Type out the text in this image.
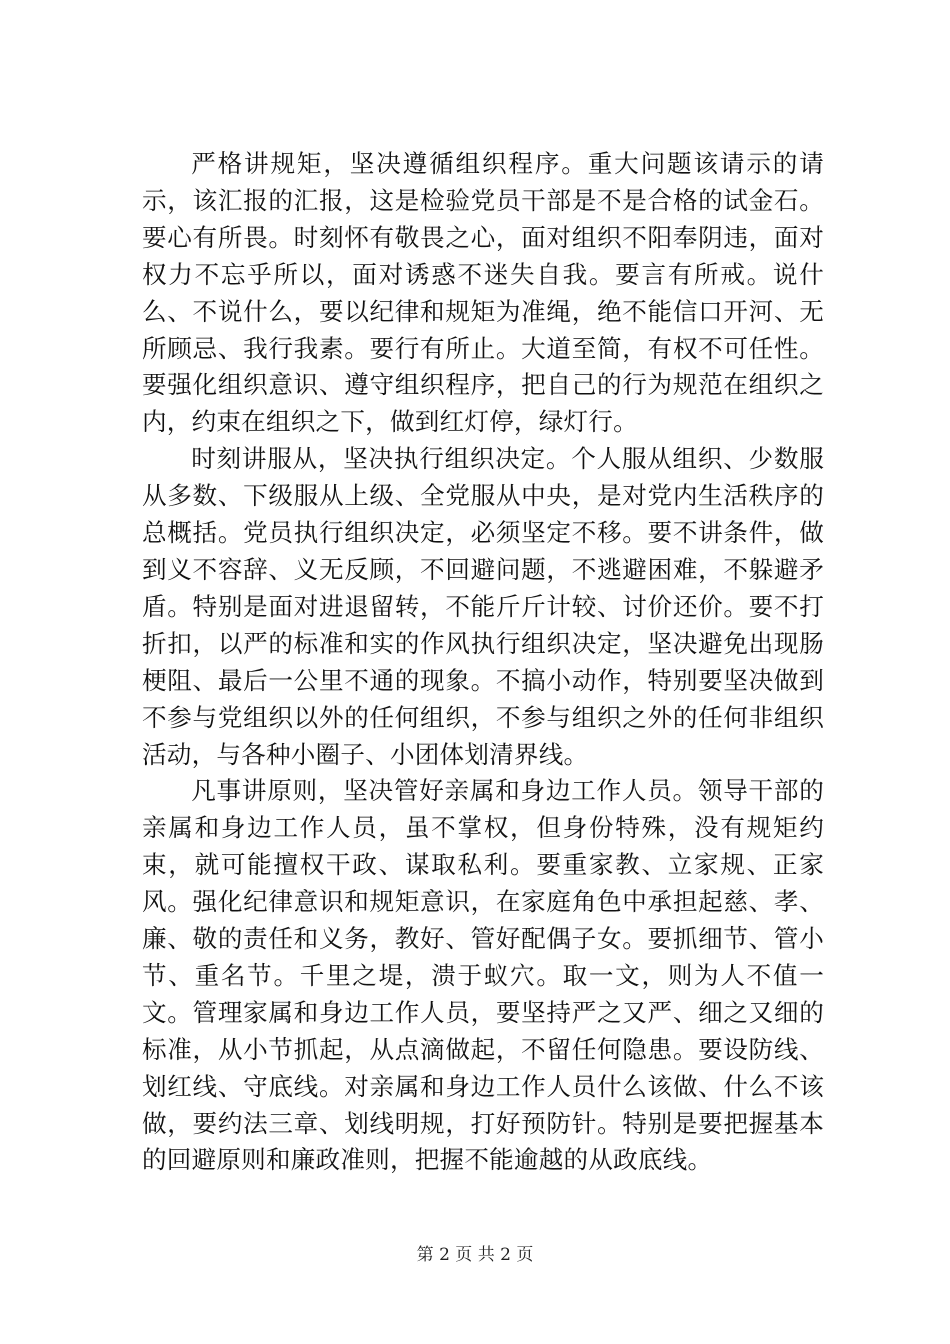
严格讲规矩，坚决遵循组织程序。重大问题该请示的请示，该汇报的汇报，这是检验党员干部是不是合格的试金石。要心有所畏。时刻怀有敬畏之心，面对组织不阳奉阴违，面对权力不忘乎所以，面对诱惑不迷失自我。要言有所戒。说什么、不说什么，要以纪律和规矩为准绳，绝不能信口开河、无所顾忌、我行我素。要行有所止。大道至简，有权不可任性。要强化组织意识、遵守组织程序，把自己的行为规范在组织之内，约束在组织之下，做到红灯停，绿灯行。

时刻讲服从，坚决执行组织决定。个人服从组织、少数服从多数、下级服从上级、全党服从中央，是对党内生活秩序的总概括。党员执行组织决定，必须坚定不移。要不讲条件，做到义不容辞、义无反顾，不回避问题，不逃避困难，不躲避矛盾。特别是面对进退留转，不能斤斤计较、讨价还价。要不打折扣，以严的标准和实的作风执行组织决定，坚决避免出现肠梗阻、最后一公里不通的现象。不搞小动作，特别要坚决做到不参与党组织以外的任何组织，不参与组织之外的任何非组织活动，与各种小圈子、小团体划清界线。

凡事讲原则，坚决管好亲属和身边工作人员。领导干部的亲属和身边工作人员，虽不掌权，但身份特殊，没有规矩约束，就可能擅权干政、谋取私利。要重家教、立家规、正家风。强化纪律意识和规矩意识，在家庭角色中承担起慈、孝、廉、敬的责任和义务，教好、管好配偶子女。要抓细节、管小节、重名节。千里之堤，溃于蚁穴。取一文，则为人不值一文。管理家属和身边工作人员，要坚持严之又严、细之又细的标准，从小节抓起，从点滴做起，不留任何隐患。要设防线、划红线、守底线。对亲属和身边工作人员什么该做、什么不该做，要约法三章、划线明规，打好预防针。特别是要把握基本的回避原则和廉政准则，把握不能逾越的从政底线。

第 2 页 共 2 页
